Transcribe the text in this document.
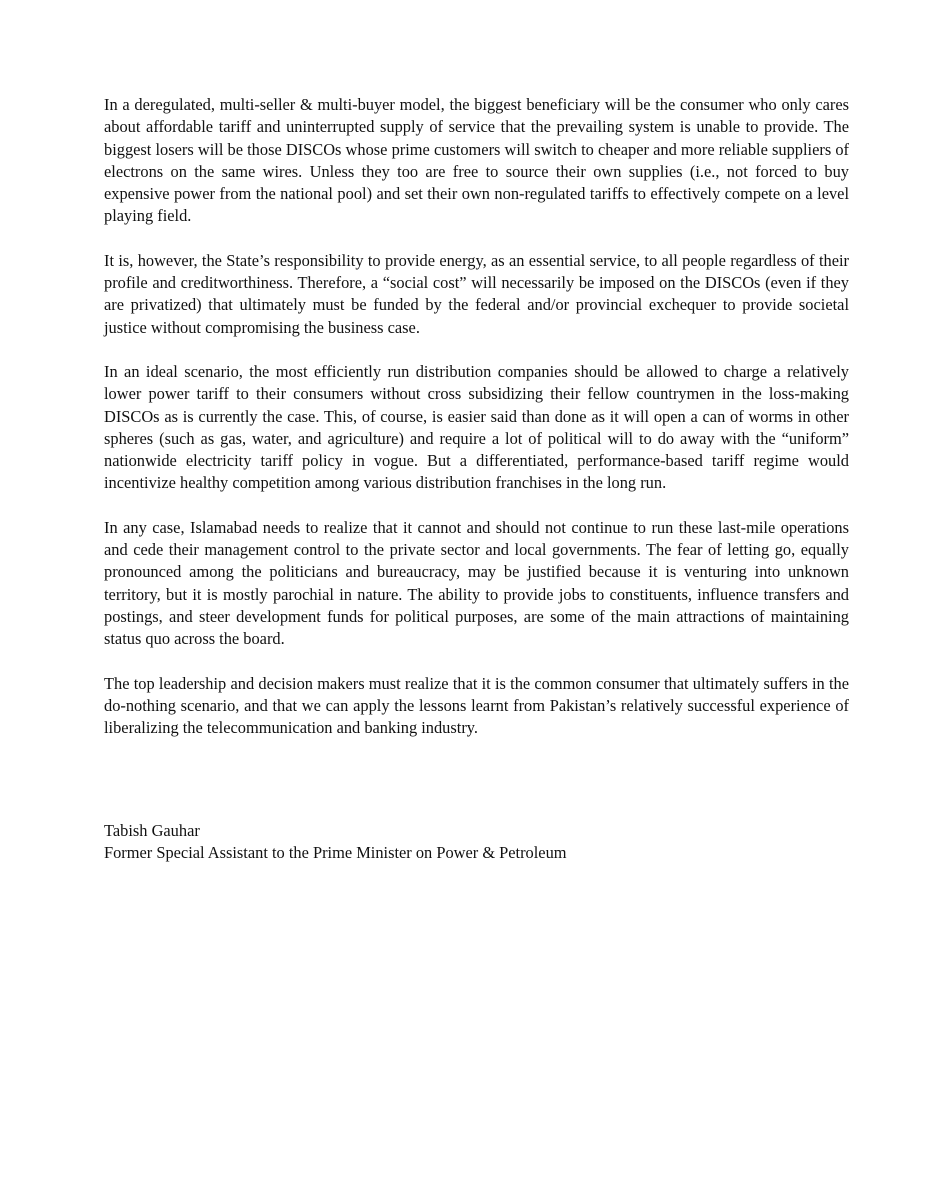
In a deregulated, multi-seller & multi-buyer model, the biggest beneficiary will be the consumer who only cares about affordable tariff and uninterrupted supply of service that the prevailing system is unable to provide. The biggest losers will be those DISCOs whose prime customers will switch to cheaper and more reliable suppliers of electrons on the same wires. Unless they too are free to source their own supplies (i.e., not forced to buy expensive power from the national pool) and set their own non-regulated tariffs to effectively compete on a level playing field.

It is, however, the State’s responsibility to provide energy, as an essential service, to all people regardless of their profile and creditworthiness. Therefore, a “social cost” will necessarily be imposed on the DISCOs (even if they are privatized) that ultimately must be funded by the federal and/or provincial exchequer to provide societal justice without compromising the business case.

In an ideal scenario, the most efficiently run distribution companies should be allowed to charge a relatively lower power tariff to their consumers without cross subsidizing their fellow countrymen in the loss-making DISCOs as is currently the case. This, of course, is easier said than done as it will open a can of worms in other spheres (such as gas, water, and agriculture) and require a lot of political will to do away with the “uniform” nationwide electricity tariff policy in vogue. But a differentiated, performance-based tariff regime would incentivize healthy competition among various distribution franchises in the long run.

In any case, Islamabad needs to realize that it cannot and should not continue to run these last-mile operations and cede their management control to the private sector and local governments. The fear of letting go, equally pronounced among the politicians and bureaucracy, may be justified because it is venturing into unknown territory, but it is mostly parochial in nature. The ability to provide jobs to constituents, influence transfers and postings, and steer development funds for political purposes, are some of the main attractions of maintaining status quo across the board.

The top leadership and decision makers must realize that it is the common consumer that ultimately suffers in the do-nothing scenario, and that we can apply the lessons learnt from Pakistan’s relatively successful experience of liberalizing the telecommunication and banking industry.

Tabish Gauhar
Former Special Assistant to the Prime Minister on Power & Petroleum
